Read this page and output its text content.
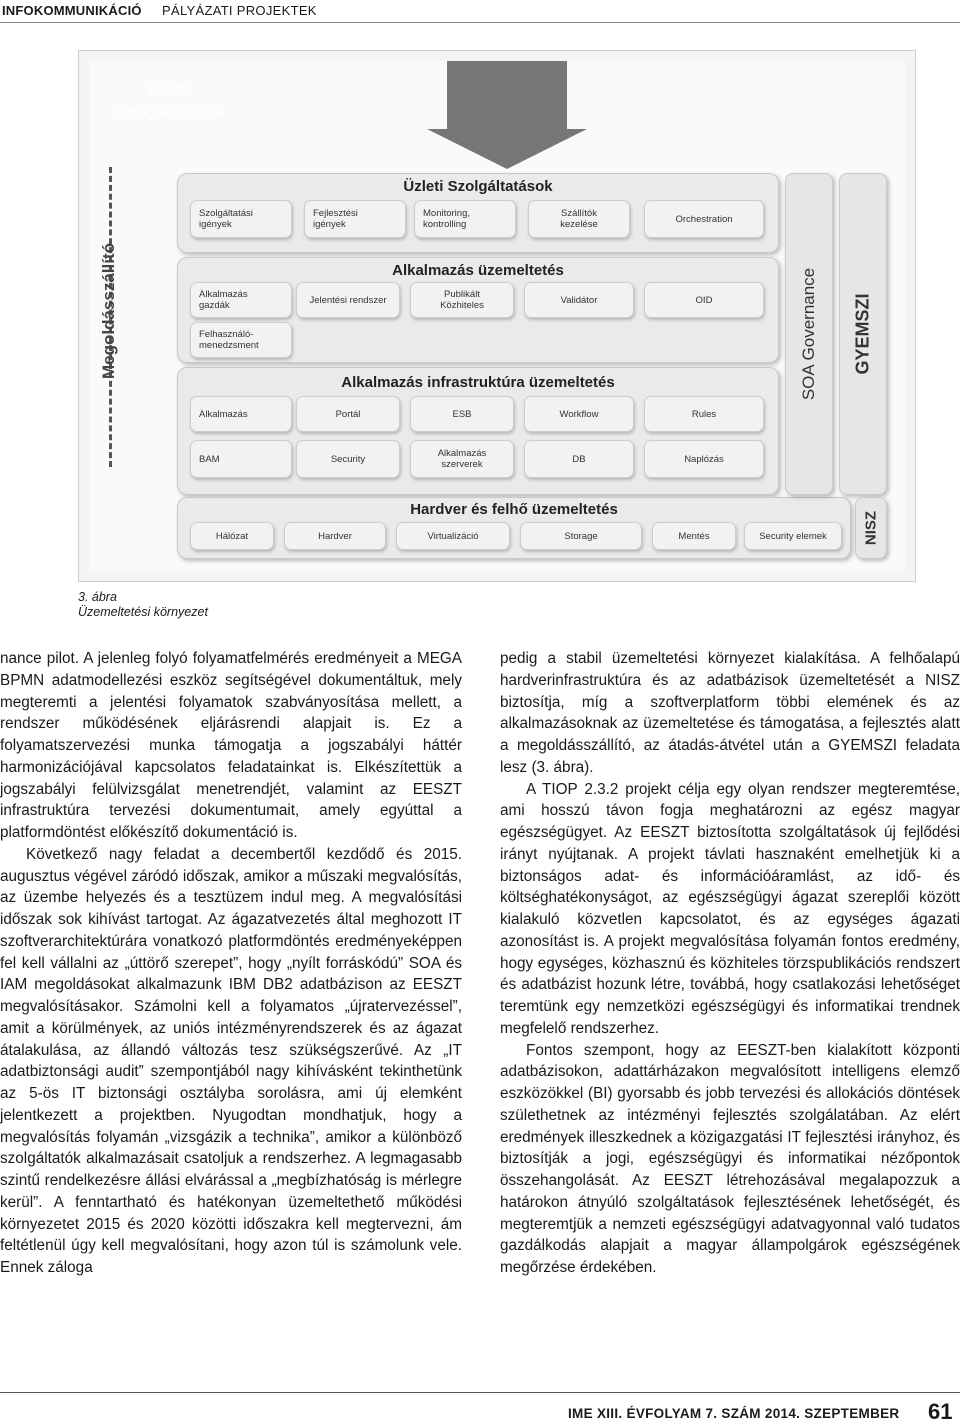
INFOKOMMUNIKÁCIÓ PÁLYÁZATI PROJEKTEK
Üzleti
Szolgáltatások
Megoldásszállító
Üzleti Szolgáltatások
Szolgáltatási
igények
Fejlesztési
igények
Monitoring,
kontrolling
Szállítók
kezelése	Orchestration
Alkalmazás üzemeltetés
Alkalmazás
gazdák	Jelentési rendszer	Publikált
Közhiteles	Validátor	OID
Felhasználó-
menedzsment
Alkalmazás infrastruktúra üzemeltetés
Alkalmazás	Portál	ESB	Workflow	Rules
BAM	Security	Alkalmazás
szerverek	DB	Naplózás
Hardver és felhő üzemeltetés
Hálózat	Hardver	Virtualizáció	Storage	Mentés	Security elemek
SOA Governance GYEMSZI
NISZ
3. ábra
Üzemeltetési környezet

nance pilot. A jelenleg folyó folyamatfelmérés eredményeit a MEGA BPMN adatmodellezési eszköz segítségével dokumentáltuk, mely megteremti a jelentési folyamatok szabványosítása mellett, a rendszer működésének eljárásrendi alapjait is. Ez a folyamatszervezési munka támogatja a jogszabályi háttér harmonizációjával kapcsolatos feladatainkat is. Elkészítettük a jogszabályi felülvizsgálat menetrendjét, valamint az EESZT infrastruktúra tervezési dokumentumait, amely egyúttal a platformdöntést előkészítő dokumentáció is.

Következő nagy feladat a decembertől kezdődő és 2015. augusztus végével záródó időszak, amikor a műszaki megvalósítás, az üzembe helyezés és a tesztüzem indul meg. A megvalósítási időszak sok kihívást tartogat. Az ágazatvezetés által meghozott IT szoftverarchitektúrára vonatkozó platformdöntés eredményeképpen fel kell vállalni az „úttörő szerepet”, hogy „nyílt forráskódú” SOA és IAM megoldásokat alkalmazunk IBM DB2 adatbázison az EESZT megvalósításakor. Számolni kell a folyamatos „újratervezéssel”, amit a körülmények, az uniós intézményrendszerek és az ágazat átalakulása, az állandó változás tesz szükségszerűvé. Az „IT adatbiztonsági audit” szempontjából nagy kihívásként tekinthetünk az 5-ös IT biztonsági osztályba sorolásra, ami új elemként jelentkezett a projektben. Nyugodtan mondhatjuk, hogy a megvalósítás folyamán „vizsgázik a technika”, amikor a különböző szolgáltatók alkalmazásait csatoljuk a rendszerhez. A legmagasabb szintű rendelkezésre állási elvárással a „megbízhatóság is mérlegre kerül”. A fenntartható és hatékonyan üzemeltethető működési környezetet 2015 és 2020 közötti időszakra kell megtervezni, ám feltétlenül úgy kell megvalósítani, hogy azon túl is számolunk vele. Ennek záloga

pedig a stabil üzemeltetési környezet kialakítása. A felhőalapú hardverinfrastruktúra és az adatbázisok üzemeltetését a NISZ biztosítja, míg a szoftverplatform többi elemének és az alkalmazásoknak az üzemeltetése és támogatása, a fejlesztés alatt a megoldásszállító, az átadás-átvétel után a GYEMSZI feladata lesz (3. ábra).

A TIOP 2.3.2 projekt célja egy olyan rendszer megteremtése, ami hosszú távon fogja meghatározni az egész magyar egészségügyet. Az EESZT biztosította szolgáltatások új fejlődési irányt nyújtanak. A projekt távlati hasznaként emelhetjük ki a biztonságos adat- és információáramlást, az idő- és költséghatékonyságot, az egészségügyi ágazat szereplői között kialakuló közvetlen kapcsolatot, és az egységes ágazati azonosítást is. A projekt megvalósítása folyamán fontos eredmény, hogy egységes, közhasznú és közhiteles törzspublikációs rendszert és adatbázist hozunk létre, továbbá, hogy csatlakozási lehetőséget teremtünk egy nemzetközi egészségügyi és informatikai trendnek megfelelő rendszerhez.

Fontos szempont, hogy az EESZT-ben kialakított központi adatbázisokon, adattárházakon megvalósított intelligens elemző eszközökkel (BI) gyorsabb és jobb tervezési és allokációs döntések születhetnek az intézményi fejlesztés szolgálatában. Az elért eredmények illeszkednek a közigazgatási IT fejlesztési irányhoz, és biztosítják a jogi, egészségügyi és informatikai nézőpontok összehangolását. Az EESZT létrehozásával megalapozzuk a határokon átnyúló szolgáltatások fejlesztésének lehetőségét, és megteremtjük a nemzeti egészségügyi adatvagyonnal való tudatos gazdálkodás alapjait a magyar állampolgárok egészségének megőrzése érdekében.

IME XIII. ÉVFOLYAM 7. SZÁM 2014. SZEPTEMBER 61
